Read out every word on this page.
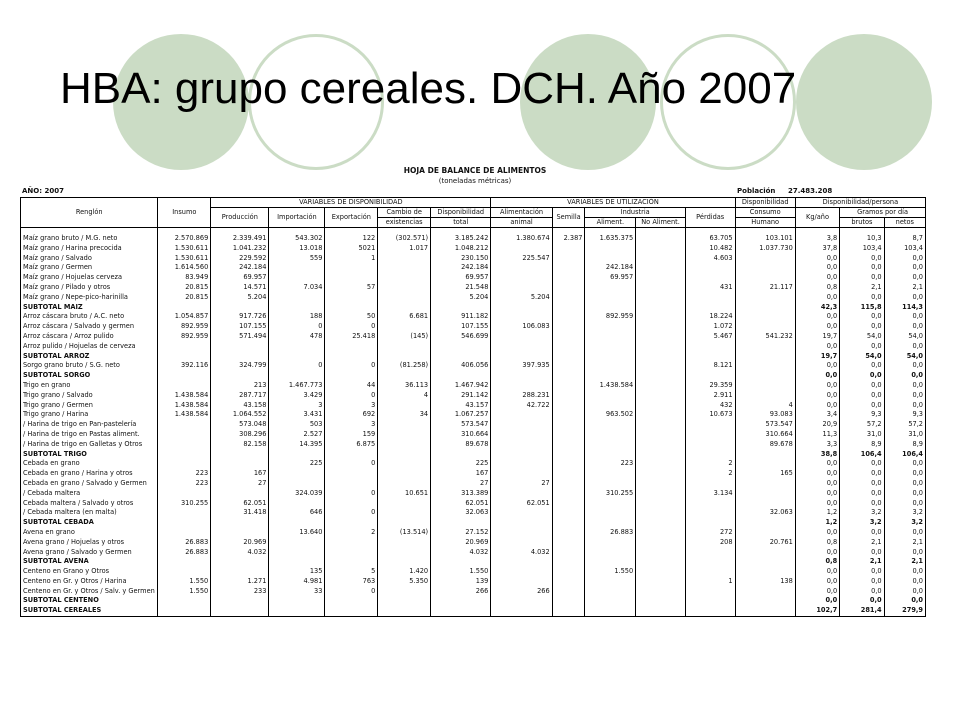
HBA: grupo cereales. DCH. Año 2007
HOJA DE BALANCE DE ALIMENTOS
(toneladas métricas)
AÑO: 2007	Población 27.483.208
Renglón	Insumo	VARIABLES DE DISPONIBILIDAD					VARIABLES DE UTILIZACIÓN					Disponibilidad	Disponibilidad/persona		
		Producción	Importación	Exportación	Cambio de	Disponibilidad	Alimentación	Semilla	Industria		Pérdidas	Consumo	Kg/año	Gramos por día	
					existencias	total	animal		Aliment.	No Aliment.		Humano		brutos	netos

Maíz grano bruto / M.G. neto	2.570.869	2.339.491	543.302	122	(302.571)	3.185.242	1.380.674	2.387	1.635.375		63.705	103.101	3,8	10,3	8,7
Maíz grano / Harina precocida	1.530.611	1.041.232	13.018	5021	1.017	1.048.212					10.482	1.037.730	37,8	103,4	103,4
Maíz grano / Salvado	1.530.611	229.592	559	1		230.150	225.547				4.603		0,0	0,0	0,0
Maíz grano / Germen	1.614.560	242.184				242.184			242.184				0,0	0,0	0,0
Maíz grano / Hojuelas cerveza	83.949	69.957				69.957			69.957				0,0	0,0	0,0
Maíz grano / Pilado y otros	20.815	14.571	7.034	57		21.548					431	21.117	0,8	2,1	2,1
Maíz grano / Nepe-pico-harinilla	20.815	5.204				5.204	5.204						0,0	0,0	0,0
SUBTOTAL MAIZ													42,3	115,8	114,3
Arroz cáscara bruto / A.C. neto	1.054.857	917.726	188	50	6.681	911.182			892.959		18.224		0,0	0,0	0,0
Arroz cáscara / Salvado y germen	892.959	107.155	0	0		107.155	106.083				1.072		0,0	0,0	0,0
Arroz cáscara / Arroz pulido	892.959	571.494	478	25.418	(145)	546.699					5.467	541.232	19,7	54,0	54,0
Arroz pulido / Hojuelas de cerveza													0,0	0,0	0,0
SUBTOTAL ARROZ													19,7	54,0	54,0
Sorgo grano bruto / S.G. neto	392.116	324.799	0	0	(81.258)	406.056	397.935				8.121		0,0	0,0	0,0
SUBTOTAL SORGO													0,0	0,0	0,0
Trigo en grano		213	1.467.773	44	36.113	1.467.942			1.438.584		29.359		0,0	0,0	0,0
Trigo grano / Salvado	1.438.584	287.717	3.429	0	4	291.142	288.231				2.911		0,0	0,0	0,0
Trigo grano / Germen	1.438.584	43.158	3	3		43.157	42.722				432	4	0,0	0,0	0,0
Trigo grano / Harina	1.438.584	1.064.552	3.431	692	34	1.067.257			963.502		10.673	93.083	3,4	9,3	9,3
/ Harina de trigo en Pan-pastelería		573.048	503	3		573.547						573.547	20,9	57,2	57,2
/ Harina de trigo en Pastas aliment.		308.296	2.527	159		310.664						310.664	11,3	31,0	31,0
/ Harina de trigo en Galletas y Otros		82.158	14.395	6.875		89.678						89.678	3,3	8,9	8,9
SUBTOTAL TRIGO													38,8	106,4	106,4
Cebada en grano			225	0		225			223		2		0,0	0,0	0,0
Cebada en grano / Harina y otros	223	167				167					2	165	0,0	0,0	0,0
Cebada en grano / Salvado y Germen	223	27				27	27						0,0	0,0	0,0
/ Cebada maltera			324.039	0	10.651	313.389			310.255		3.134		0,0	0,0	0,0
Cebada maltera / Salvado y otros	310.255	62.051				62.051	62.051						0,0	0,0	0,0
/ Cebada maltera (en malta)		31.418	646	0		32.063						32.063	1,2	3,2	3,2
SUBTOTAL CEBADA													1,2	3,2	3,2
Avena en grano			13.640	2	(13.514)	27.152			26.883		272		0,0	0,0	0,0
Avena grano / Hojuelas y otros	26.883	20.969				20.969					208	20.761	0,8	2,1	2,1
Avena grano / Salvado y Germen	26.883	4.032				4.032	4.032						0,0	0,0	0,0
SUBTOTAL AVENA													0,8	2,1	2,1
Centeno en Grano y Otros			135	5	1.420	1.550			1.550				0,0	0,0	0,0
Centeno en Gr. y Otros / Harina	1.550	1.271	4.981	763	5.350	139					1	138	0,0	0,0	0,0
Centeno en Gr. y Otros / Salv. y Germen	1.550	233	33	0		266	266						0,0	0,0	0,0
SUBTOTAL CENTENO													0,0	0,0	0,0
SUBTOTAL CEREALES													102,7	281,4	279,9
